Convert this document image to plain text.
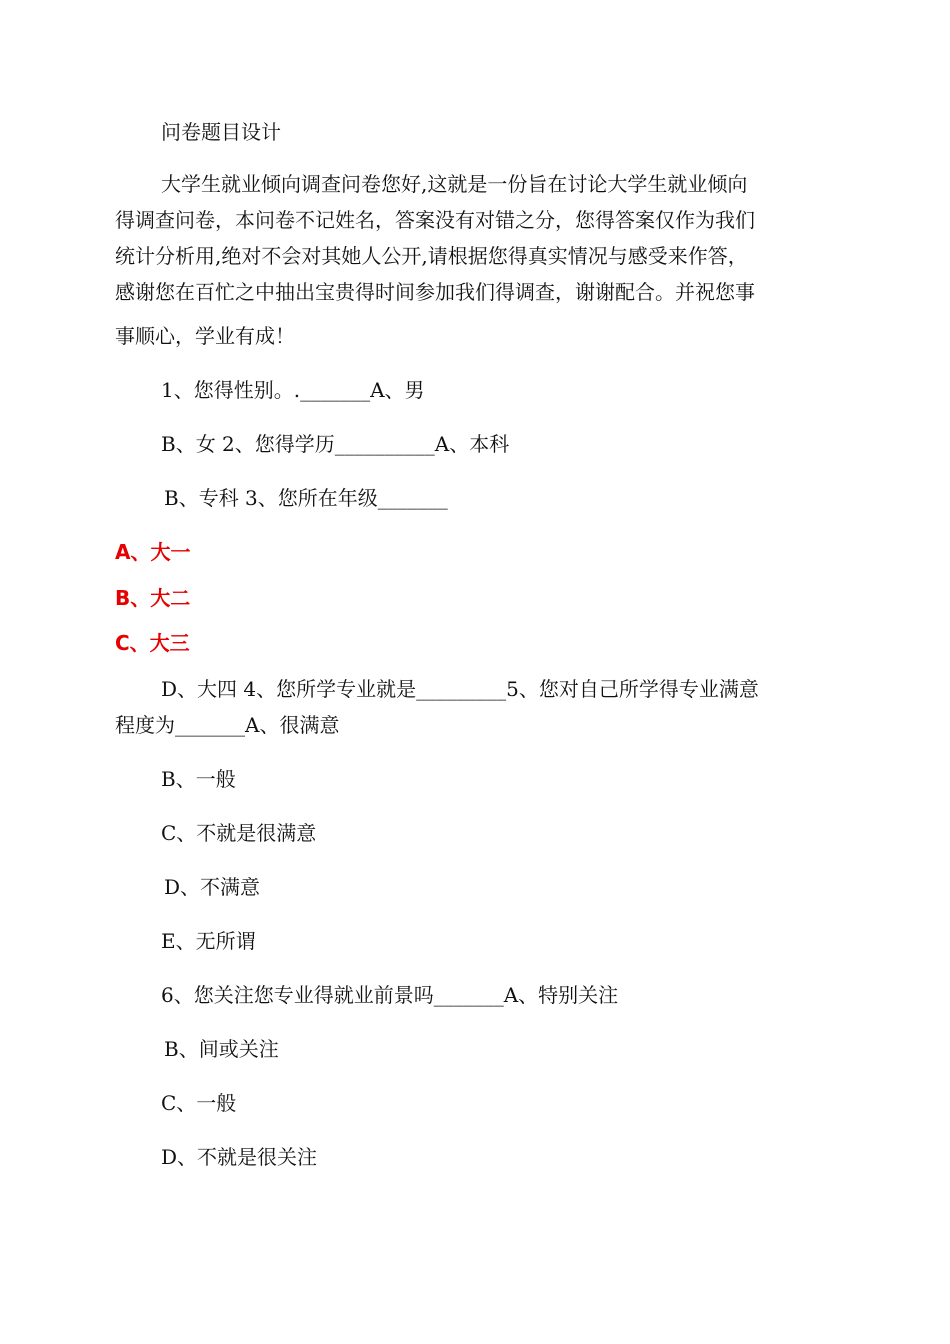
问卷题目设计
大学生就业倾向调查问卷您好,这就是一份旨在讨论大学生就业倾向
得调查问卷，本问卷不记姓名，答案没有对错之分，您得答案仅作为我们
统计分析用,绝对不会对其她人公开,请根据您得真实情况与感受来作答，
感谢您在百忙之中抽出宝贵得时间参加我们得调查，谢谢配合。并祝您事
事顺心，学业有成！
1、您得性别。._______A、男
B、女 2、您得学历__________A、本科
B、专科 3、您所在年级_______
A、大一
B、大二
C、大三
D、大四 4、您所学专业就是_________5、您对自己所学得专业满意
程度为_______A、很满意
B、一般
C、不就是很满意
D、不满意
E、无所谓
6、您关注您专业得就业前景吗_______A、特别关注
B、间或关注
C、一般
D、不就是很关注
